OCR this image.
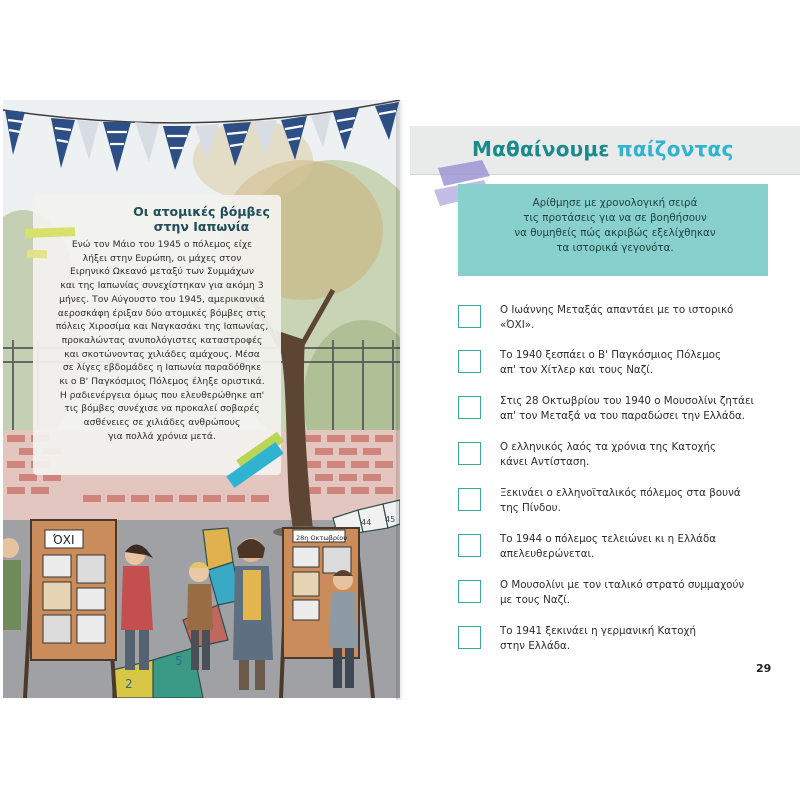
5
2
44 45
ΌΧΙ	28η Οκτωβρίου
Οι ατομικές βόμβες
στην Ιαπωνία
Ενώ τον Μάιο του 1945 ο πόλεμος είχε
λήξει στην Ευρώπη, οι μάχες στον
Ειρηνικό Ωκεανό μεταξύ των Συμμάχων
και της Ιαπωνίας συνεχίστηκαν για ακόμη 3
μήνες. Τον Αύγουστο του 1945, αμερικανικά
αεροσκάφη έριξαν δύο ατομικές βόμβες στις
πόλεις Χιροσίμα και Ναγκασάκι της Ιαπωνίας,
προκαλώντας ανυπολόγιστες καταστροφές
και σκοτώνοντας χιλιάδες αμάχους. Μέσα
σε λίγες εβδομάδες η Ιαπωνία παραδόθηκε
κι ο Β' Παγκόσμιος Πόλεμος έληξε οριστικά.
Η ραδιενέργεια όμως που ελευθερώθηκε απ'
τις βόμβες συνέχισε να προκαλεί σοβαρές
ασθένειες σε χιλιάδες ανθρώπους
για πολλά χρόνια μετά.
Μαθαίνουμε παίζοντας
Αρίθμησε με χρονολογική σειρά
τις προτάσεις για να σε βοηθήσουν
να θυμηθείς πώς ακριβώς εξελίχθηκαν
τα ιστορικά γεγονότα.
Ο Ιωάννης Μεταξάς απαντάει με το ιστορικό
«ΌΧΙ».
Το 1940 ξεσπάει ο Β' Παγκόσμιος Πόλεμος
απ' τον Χίτλερ και τους Ναζί.
Στις 28 Οκτωβρίου του 1940 ο Μουσολίνι ζητάει
απ' τον Μεταξά να του παραδώσει την Ελλάδα.
Ο ελληνικός λαός τα χρόνια της Κατοχής
κάνει Αντίσταση.
Ξεκινάει ο ελληνοϊταλικός πόλεμος στα βουνά
της Πίνδου.
Το 1944 ο πόλεμος τελειώνει κι η Ελλάδα
απελευθερώνεται.
Ο Μουσολίνι με τον ιταλικό στρατό συμμαχούν
με τους Ναζί.
Το 1941 ξεκινάει η γερμανική Κατοχή
στην Ελλάδα.
29
